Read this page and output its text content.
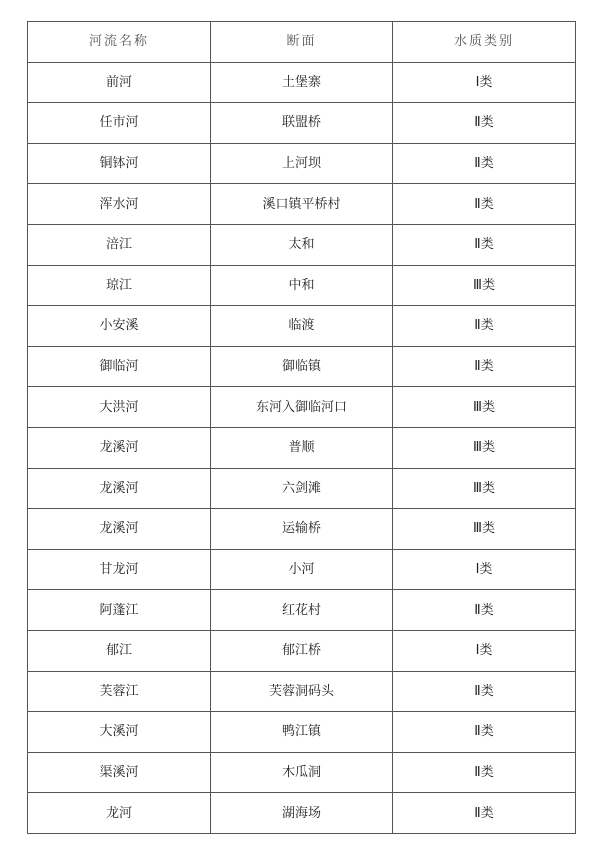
河流名称	断面	水质类别
前河	土堡寨	Ⅰ类
任市河	联盟桥	Ⅱ类
铜钵河	上河坝	Ⅱ类
浑水河	溪口镇平桥村	Ⅱ类
涪江	太和	Ⅱ类
琼江	中和	Ⅲ类
小安溪	临渡	Ⅱ类
御临河	御临镇	Ⅱ类
大洪河	东河入御临河口	Ⅲ类
龙溪河	普顺	Ⅲ类
龙溪河	六剑滩	Ⅲ类
龙溪河	运输桥	Ⅲ类
甘龙河	小河	Ⅰ类
阿蓬江	红花村	Ⅱ类
郁江	郁江桥	Ⅰ类
芙蓉江	芙蓉洞码头	Ⅱ类
大溪河	鸭江镇	Ⅱ类
渠溪河	木瓜洞	Ⅱ类
龙河	湖海场	Ⅱ类
